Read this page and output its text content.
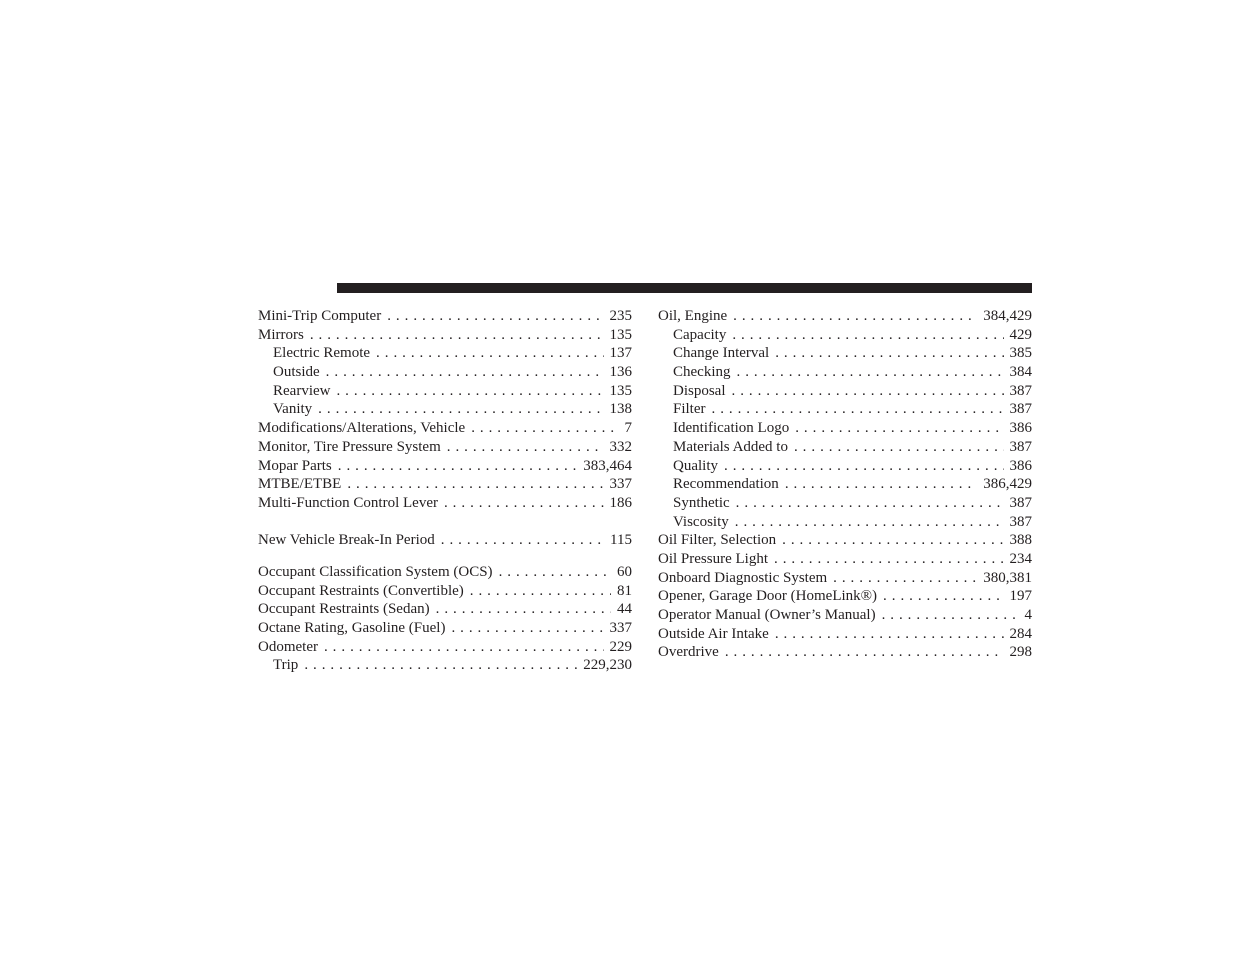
Mini-Trip Computer . . .	235
Mirrors . . .	135
Electric Remote . . .	137
Outside . . .	136
Rearview . . .	135
Vanity . . .	138
Modifications/Alterations, Vehicle . . .	7
Monitor, Tire Pressure System . . .	332
Mopar Parts . . .	383,464
MTBE/ETBE . . .	337
Multi-Function Control Lever . . .	186
New Vehicle Break-In Period . . .	115
Occupant Classification System (OCS) . . .	60
Occupant Restraints (Convertible) . . .	81
Occupant Restraints (Sedan) . . .	44
Octane Rating, Gasoline (Fuel) . . .	337
Odometer . . .	229
Trip . . .	229,230
Oil, Engine . . .	384,429
Capacity . . .	429
Change Interval . . .	385
Checking . . .	384
Disposal . . .	387
Filter . . .	387
Identification Logo . . .	386
Materials Added to . . .	387
Quality . . .	386
Recommendation . . .	386,429
Synthetic . . .	387
Viscosity . . .	387
Oil Filter, Selection . . .	388
Oil Pressure Light . . .	234
Onboard Diagnostic System . . .	380,381
Opener, Garage Door (HomeLink®) . . .	197
Operator Manual (Owner’s Manual) . . .	4
Outside Air Intake . . .	284
Overdrive . . .	298
